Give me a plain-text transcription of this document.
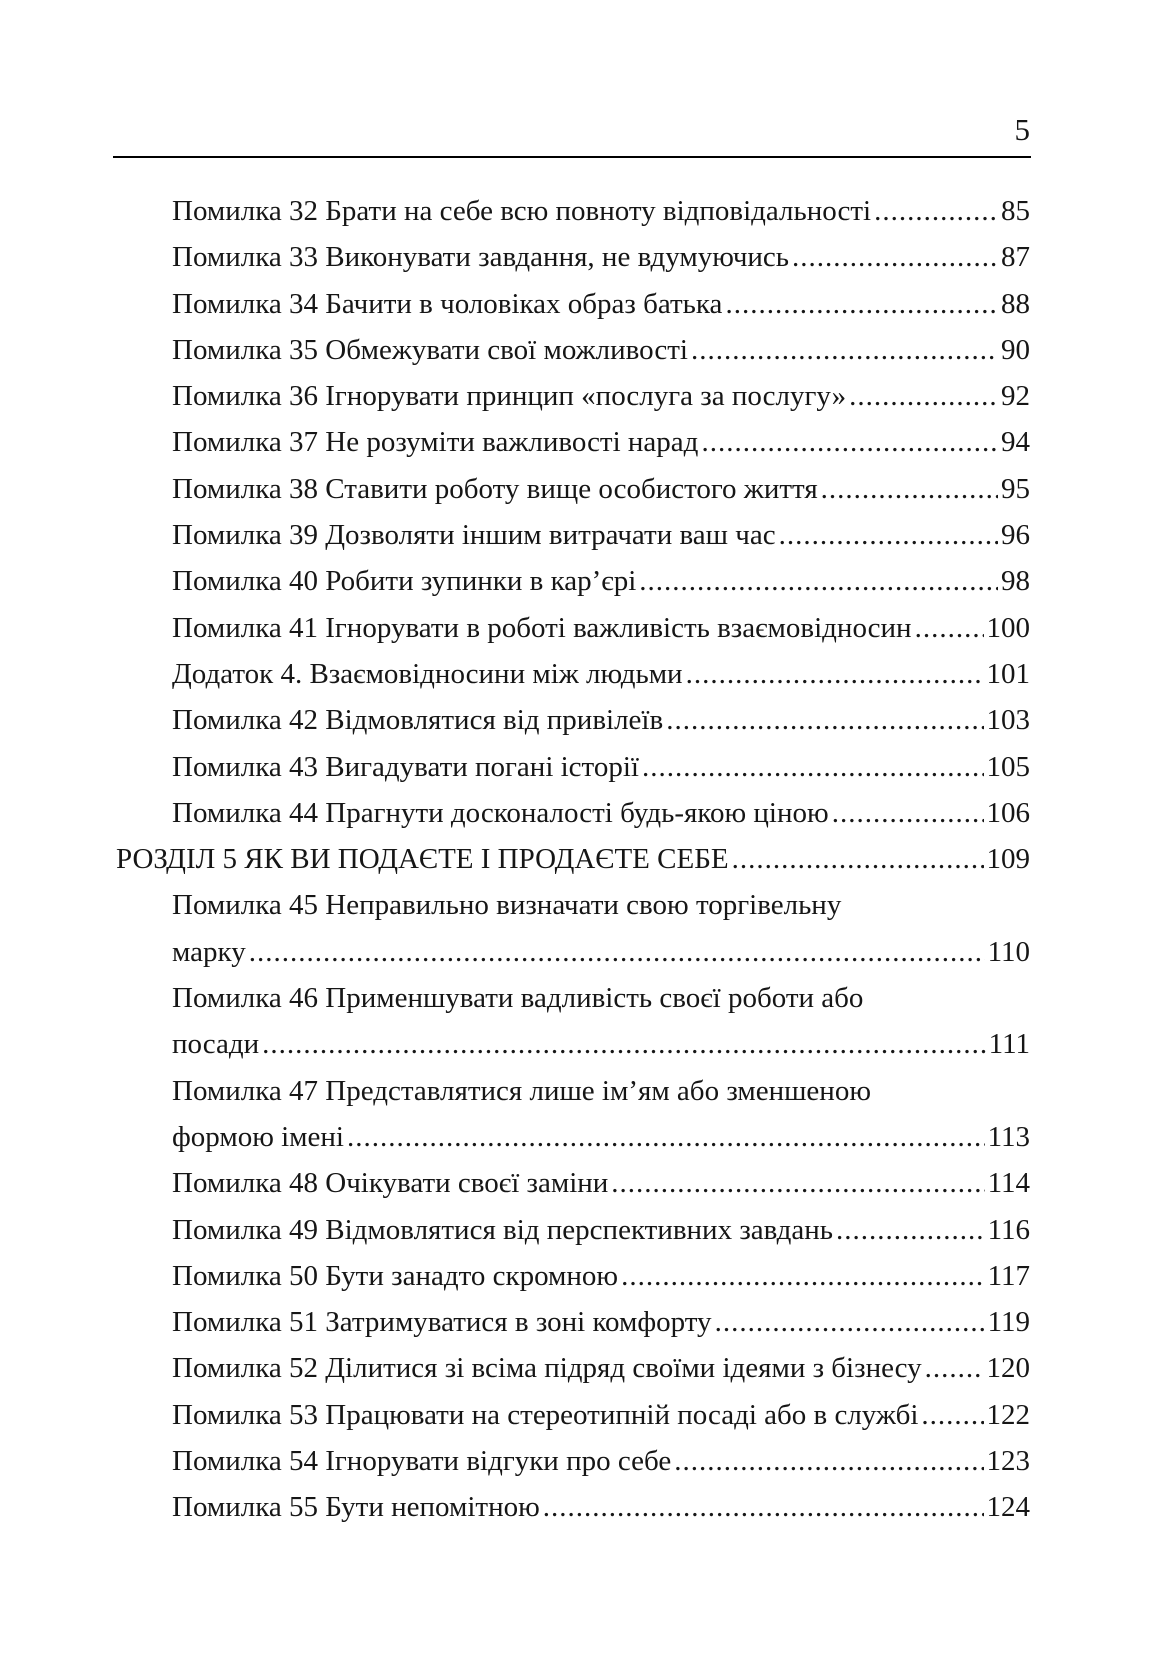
5
Помилка 32 Брати на себе всю повноту відповідальності .....	85
Помилка 33 Виконувати завдання, не вдумуючись .....	87
Помилка 34 Бачити в чоловіках образ батька .....	88
Помилка 35 Обмежувати свої можливості .....	90
Помилка 36 Ігнорувати принцип «послуга за послугу» .....	92
Помилка 37 Не розуміти важливості нарад .....	94
Помилка 38 Ставити роботу вище особистого життя .....	95
Помилка 39 Дозволяти іншим витрачати ваш час .....	96
Помилка 40 Робити зупинки в кар’єрі .....	98
Помилка 41 Ігнорувати в роботі важливість взаємовідносин .....	100
Додаток 4. Взаємовідносини між людьми .....	101
Помилка 42 Відмовлятися від привілеїв .....	103
Помилка 43 Вигадувати погані історії .....	105
Помилка 44 Прагнути досконалості будь-якою ціною .....	106
РОЗДІЛ 5 ЯК ВИ ПОДАЄТЕ І ПРОДАЄТЕ СЕБЕ .....	109
Помилка 45 Неправильно визначати свою торгівельну
марку .....	110
Помилка 46 Применшувати вадливість своєї роботи або
посади .....	111
Помилка 47 Представлятися лише ім’ям або зменшеною
формою імені .....	113
Помилка 48 Очікувати своєї заміни .....	114
Помилка 49 Відмовлятися від перспективних завдань .....	116
Помилка 50 Бути занадто скромною .....	117
Помилка 51 Затримуватися в зоні комфорту .....	119
Помилка 52 Ділитися зі всіма підряд своїми ідеями з бізнесу ..... 120
Помилка 53 Працювати на стереотипній посаді або в службі ..... 122
Помилка 54 Ігнорувати відгуки про себе .....	123
Помилка 55 Бути непомітною .....	124
